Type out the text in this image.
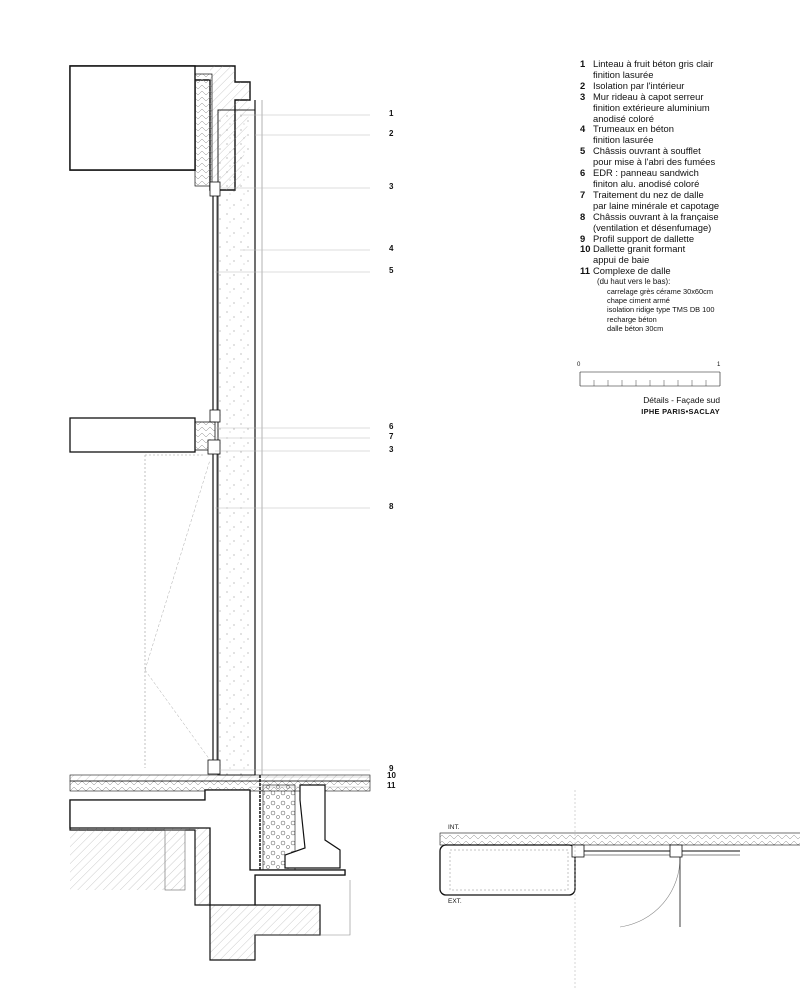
1
2
3
4
5
6
7
3
8
9
10
11
1 Linteau à fruit béton gris clair
finition lasurée
2 Isolation par l'intérieur
3 Mur rideau à capot serreur
finition extérieure aluminium
anodisé coloré
4 Trumeaux en béton
finition lasurée
5 Châssis ouvrant à soufflet
pour mise à l'abri des fumées
6 EDR : panneau sandwich
finiton alu. anodisé coloré
7 Traitement du nez de dalle
par laine minérale et capotage
8 Châssis ouvrant à la française
(ventilation et désenfumage)
9 Profil support de dallette
10 Dallette granit formant
appui de baie
11 Complexe de dalle
(du haut vers le bas):
carrelage grès cérame 30x60cm
chape ciment armé
isolation ridige type TMS DB 100
recharge béton
dalle béton 30cm
0	1
Détails - Façade sud
IPHE PARIS•SACLAY
INT.
EXT.
